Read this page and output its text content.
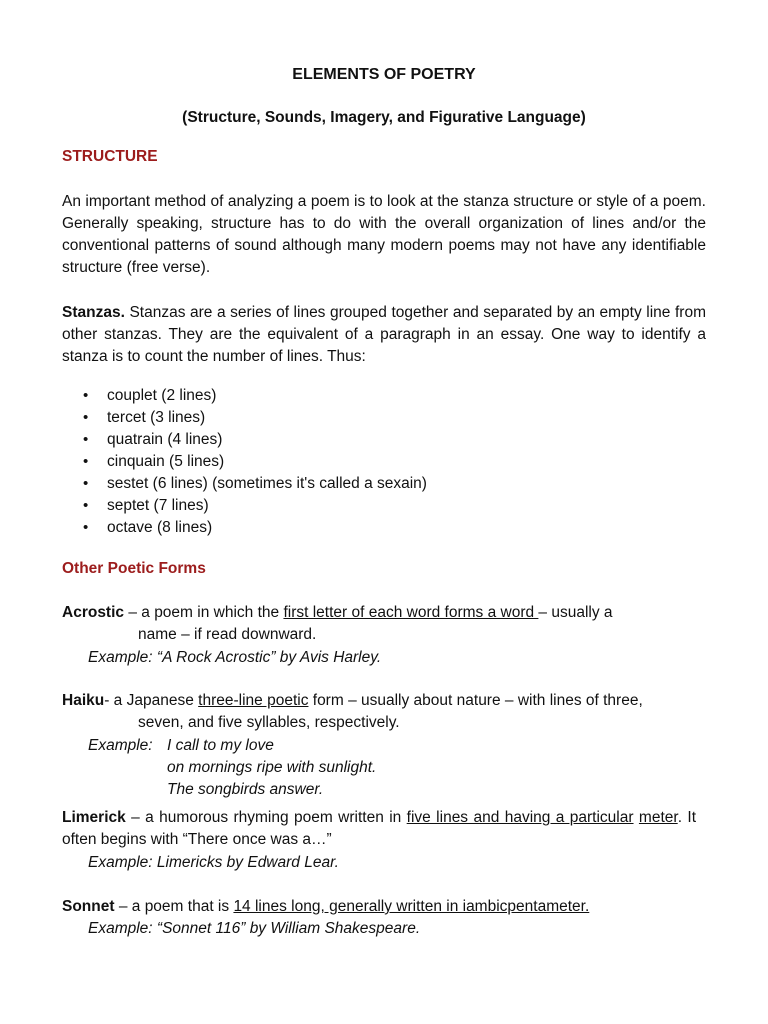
ELEMENTS OF POETRY

(Structure, Sounds, Imagery, and Figurative Language)

STRUCTURE

An important method of analyzing a poem is to look at the stanza structure or style of a poem. Generally speaking, structure has to do with the overall organization of lines and/or the conventional patterns of sound although many modern poems may not have any identifiable structure (free verse).

Stanzas. Stanzas are a series of lines grouped together and separated by an empty line from other stanzas. They are the equivalent of a paragraph in an essay. One way to identify a stanza is to count the number of lines. Thus:

• couplet (2 lines)
• tercet (3 lines)
• quatrain (4 lines)
• cinquain (5 lines)
• sestet (6 lines) (sometimes it's called a sexain)
• septet (7 lines)
• octave (8 lines)
Other Poetic Forms

Acrostic – a poem in which the first letter of each word forms a word – usually a
name – if read downward.

Example: “A Rock Acrostic” by Avis Harley.

Haiku- a Japanese three-line poetic form – usually about nature – with lines of three,
seven, and five syllables, respectively.

Example: I call to my love

on mornings ripe with sunlight.

The songbirds answer.

Limerick – a humorous rhyming poem written in five lines and having a particular meter. It often begins with “There once was a…”

Example: Limericks by Edward Lear.

Sonnet – a poem that is 14 lines long, generally written in iambicpentameter.

Example: “Sonnet 116” by William Shakespeare.
